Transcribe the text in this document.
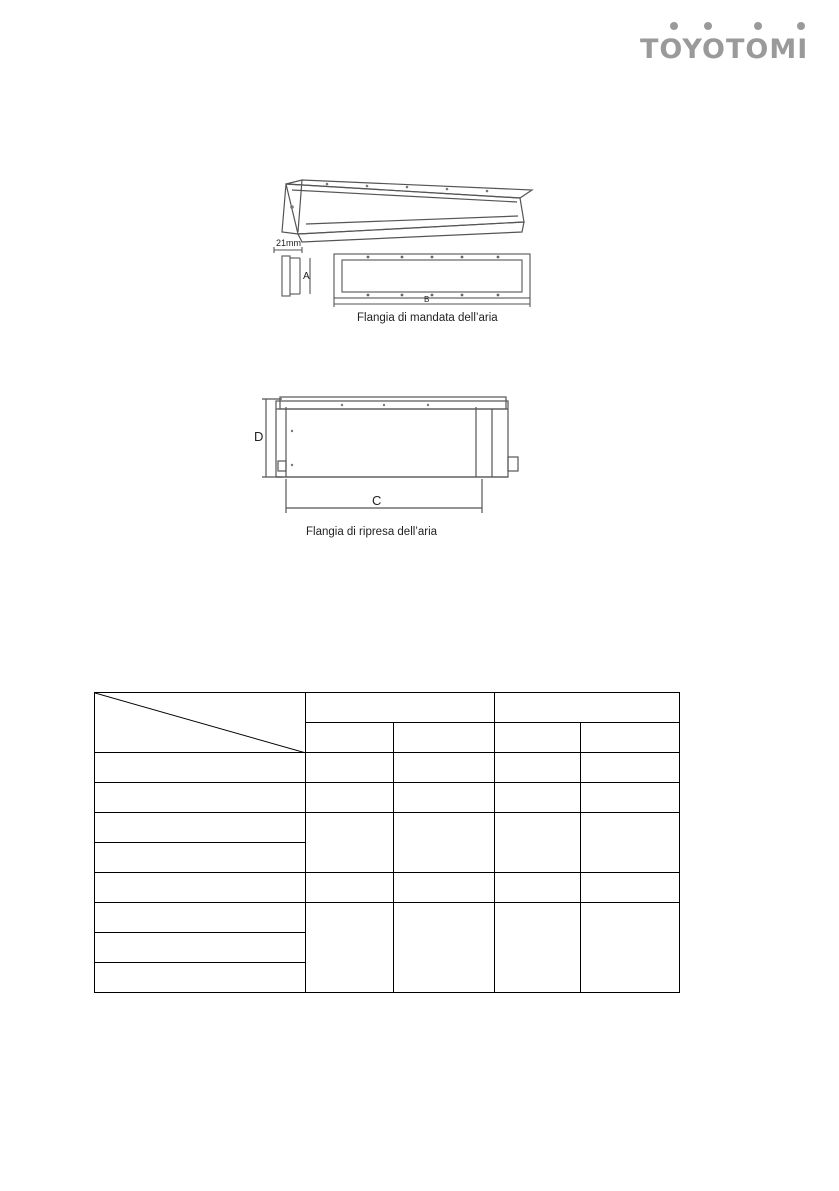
TOYOTOMI
21mm
A
B
Flangia di mandata dell’aria
D
C
Flangia di ripresa dell’aria
